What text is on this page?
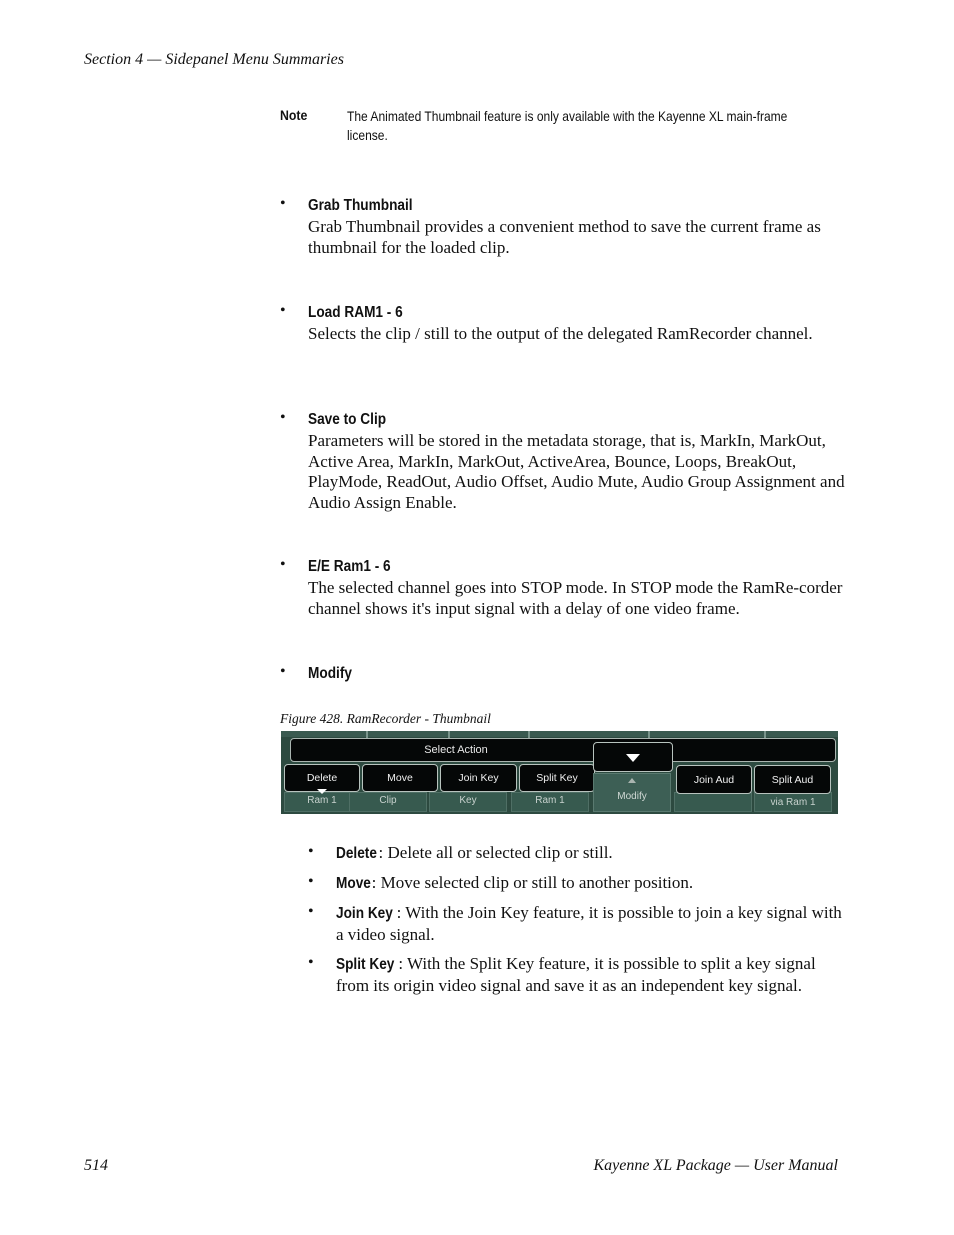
Section 4 — Sidepanel Menu Summaries
Note	The Animated Thumbnail feature is only available with the Kayenne XL main-frame license.
• Grab Thumbnail
Grab Thumbnail provides a convenient method to save the current frame as thumbnail for the loaded clip.
• Load RAM1 - 6
Selects the clip / still to the output of the delegated RamRecorder channel.
• Save to Clip
Parameters will be stored in the metadata storage, that is, MarkIn, MarkOut, Active Area, MarkIn, MarkOut, ActiveArea, Bounce, Loops, BreakOut, PlayMode, ReadOut, Audio Offset, Audio Mute, Audio Group Assignment and Audio Assign Enable.
• E/E Ram1 - 6
The selected channel goes into STOP mode. In STOP mode the RamRe-corder channel shows it's input signal with a delay of one video frame.
• Modify
Figure 428. RamRecorder - Thumbnail
Select Action
Ram 1	Clip	Key	Ram 1	via Ram 1
Delete	Move	Join Key	Split Key
Modify
Join Aud	Split Aud
• Delete: Delete all or selected clip or still.
• Move: Move selected clip or still to another position.
• Join Key : With the Join Key feature, it is possible to join a key signal with a video signal.
• Split Key : With the Split Key feature, it is possible to split a key signal from its origin video signal and save it as an independent key signal.
514	Kayenne XL Package — User Manual
